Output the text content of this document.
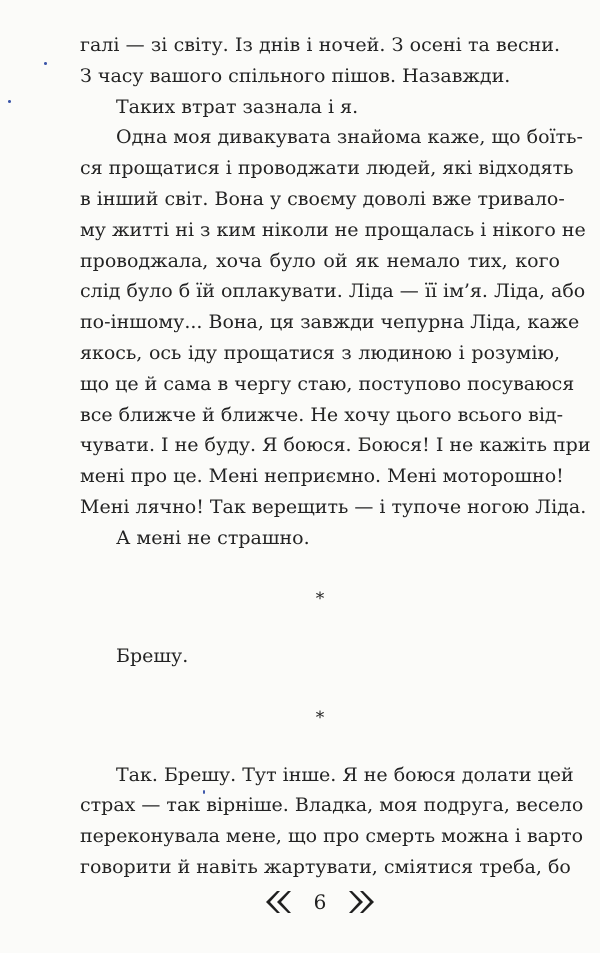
галі — зі світу. Із днів і ночей. З осені та весни.
З часу вашого спільного пішов. Назавжди.
Таких втрат зазнала і я.
Одна моя дивакувата знайома каже, що боїть-
ся прощатися і проводжати людей, які відходять
в інший світ. Вона у своєму доволі вже тривало-
му житті ні з ким ніколи не прощалась і нікого не
проводжала, хоча було ой як немало тих, кого
слід було б їй оплакувати. Ліда — її ім’я. Ліда, або
по-іншому... Вона, ця завжди чепурна Ліда, каже
якось, ось іду прощатися з людиною і розумію,
що це й сама в чергу стаю, поступово посуваюся
все ближче й ближче. Не хочу цього всього від-
чувати. І не буду. Я боюся. Боюся! І не кажіть при
мені про це. Мені неприємно. Мені моторошно!
Мені лячно! Так верещить — і тупоче ногою Ліда.
А мені не страшно.
*
Брешу.
*
Так. Брешу. Тут інше. Я не боюся долати цей
страх — так вірніше. Владка, моя подруга, весело
переконувала мене, що про смерть можна і варто
говорити й навіть жартувати, сміятися треба, бо
6
